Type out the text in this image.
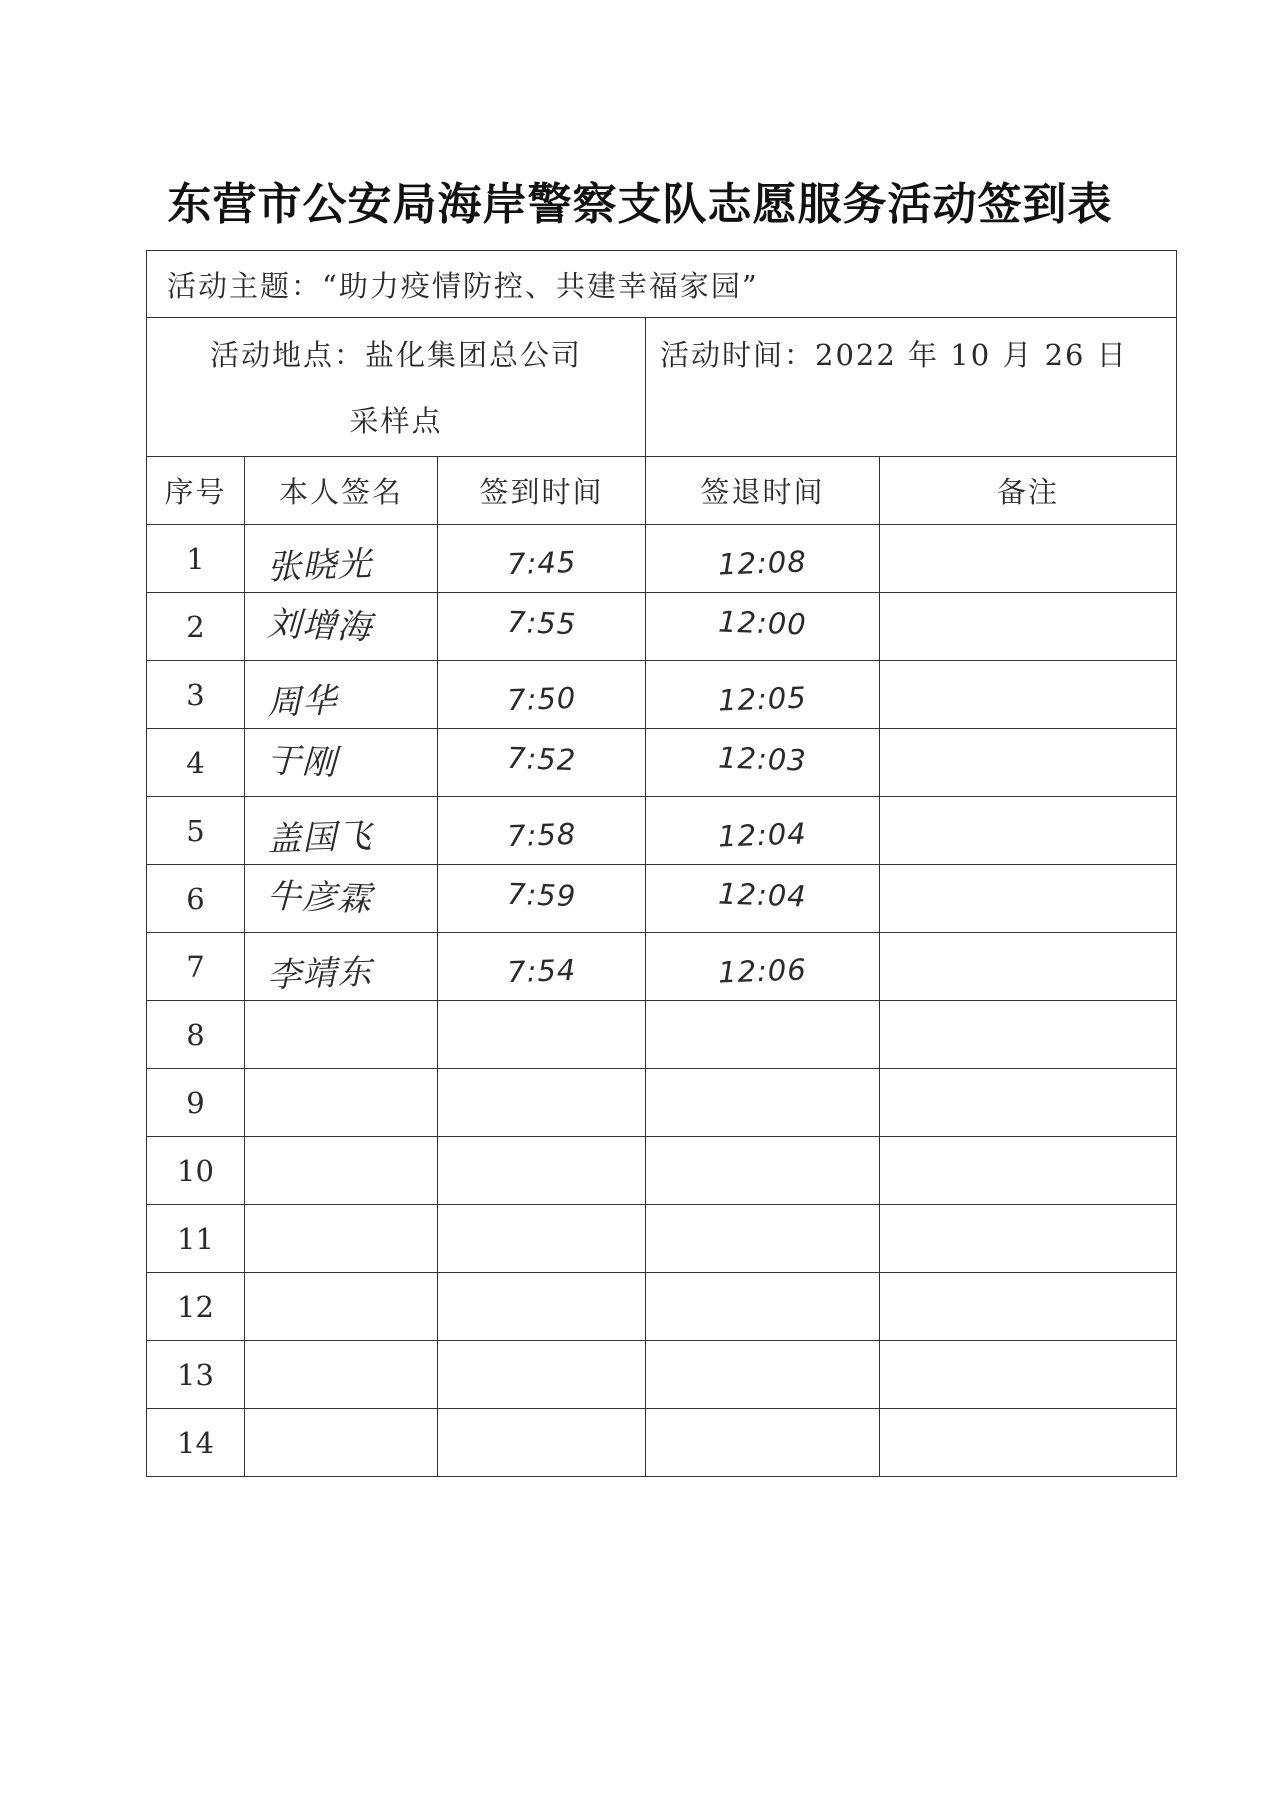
东营市公安局海岸警察支队志愿服务活动签到表
活动主题：“助力疫情防控、共建幸福家园”				

活动地点：盐化集团总公司
采样点			活动时间：2022 年 10 月 26 日	
序号	本人签名	签到时间	签退时间	备注
1	张晓光	7:45	12:08	
2	刘增海	7:55	12:00	
3	周华	7:50	12:05	
4	于刚	7:52	12:03	
5	盖国飞	7:58	12:04	
6	牛彦霖	7:59	12:04	
7	李靖东	7:54	12:06	
8				
9				
10				
11				
12				
13				
14				
